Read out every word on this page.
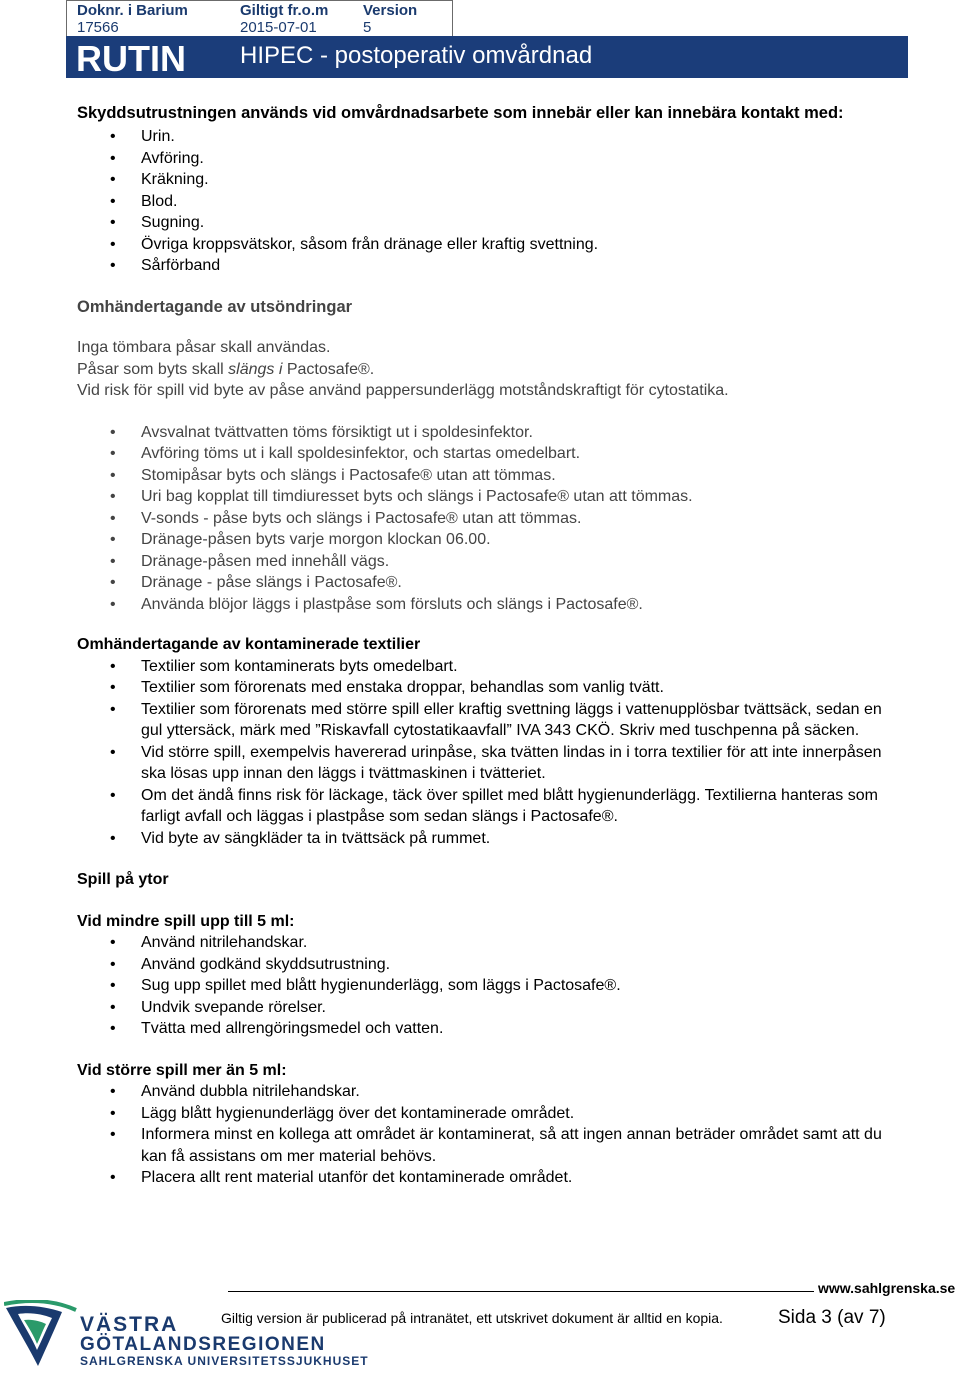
Doknr. i Barium
17566
Giltigt fr.o.m
2015-07-01
Version
5
RUTIN HIPEC - postoperativ omvårdnad

Skyddsutrustningen används vid omvårdnadsarbete som innebär eller kan innebära kontakt med:

• Urin.
• Avföring.
• Kräkning.
• Blod.
• Sugning.
• Övriga kroppsvätskor, såsom från dränage eller kraftig svettning.
• Sårförband

Omhändertagande av utsöndringar

Inga tömbara påsar skall användas.

Påsar som byts skall slängs i Pactosafe®.

Vid risk för spill vid byte av påse använd pappersunderlägg motståndskraftigt för cytostatika.

• Avsvalnat tvättvatten töms försiktigt ut i spoldesinfektor.
• Avföring töms ut i kall spoldesinfektor, och startas omedelbart.
• Stomipåsar byts och slängs i Pactosafe® utan att tömmas.
• Uri bag kopplat till timdiuresset byts och slängs i Pactosafe® utan att tömmas.
• V-sonds - påse byts och slängs i Pactosafe® utan att tömmas.
• Dränage-påsen byts varje morgon klockan 06.00.
• Dränage-påsen med innehåll vägs.
• Dränage - påse slängs i Pactosafe®.
• Använda blöjor läggs i plastpåse som försluts och slängs i Pactosafe®.

Omhändertagande av kontaminerade textilier

• Textilier som kontaminerats byts omedelbart.
• Textilier som förorenats med enstaka droppar, behandlas som vanlig tvätt.
• Textilier som förorenats med större spill eller kraftig svettning läggs i vattenupplösbar tvättsäck, sedan en gul yttersäck, märk med ”Riskavfall cytostatikaavfall” IVA 343 CKÖ. Skriv med tuschpenna på säcken.
• Vid större spill, exempelvis havererad urinpåse, ska tvätten lindas in i torra textilier för att inte innerpåsen ska lösas upp innan den läggs i tvättmaskinen i tvätteriet.
• Om det ändå finns risk för läckage, täck över spillet med blått hygienunderlägg. Textilierna hanteras som farligt avfall och läggas i plastpåse som sedan slängs i Pactosafe®.
• Vid byte av sängkläder ta in tvättsäck på rummet.

Spill på ytor

Vid mindre spill upp till 5 ml:

• Använd nitrilehandskar.
• Använd godkänd skyddsutrustning.
• Sug upp spillet med blått hygienunderlägg, som läggs i Pactosafe®.
• Undvik svepande rörelser.
• Tvätta med allrengöringsmedel och vatten.

Vid större spill mer än 5 ml:

• Använd dubbla nitrilehandskar.
• Lägg blått hygienunderlägg över det kontaminerade området.
• Informera minst en kollega att området är kontaminerat, så att ingen annan beträder området samt att du kan få assistans om mer material behövs.
• Placera allt rent material utanför det kontaminerade området.
www.sahlgrenska.se
VÄSTRA
GÖTALANDSREGIONEN
SAHLGRENSKA UNIVERSITETSSJUKHUSET
Giltig version är publicerad på intranätet, ett utskrivet dokument är alltid en kopia.	Sida 3 (av 7)
